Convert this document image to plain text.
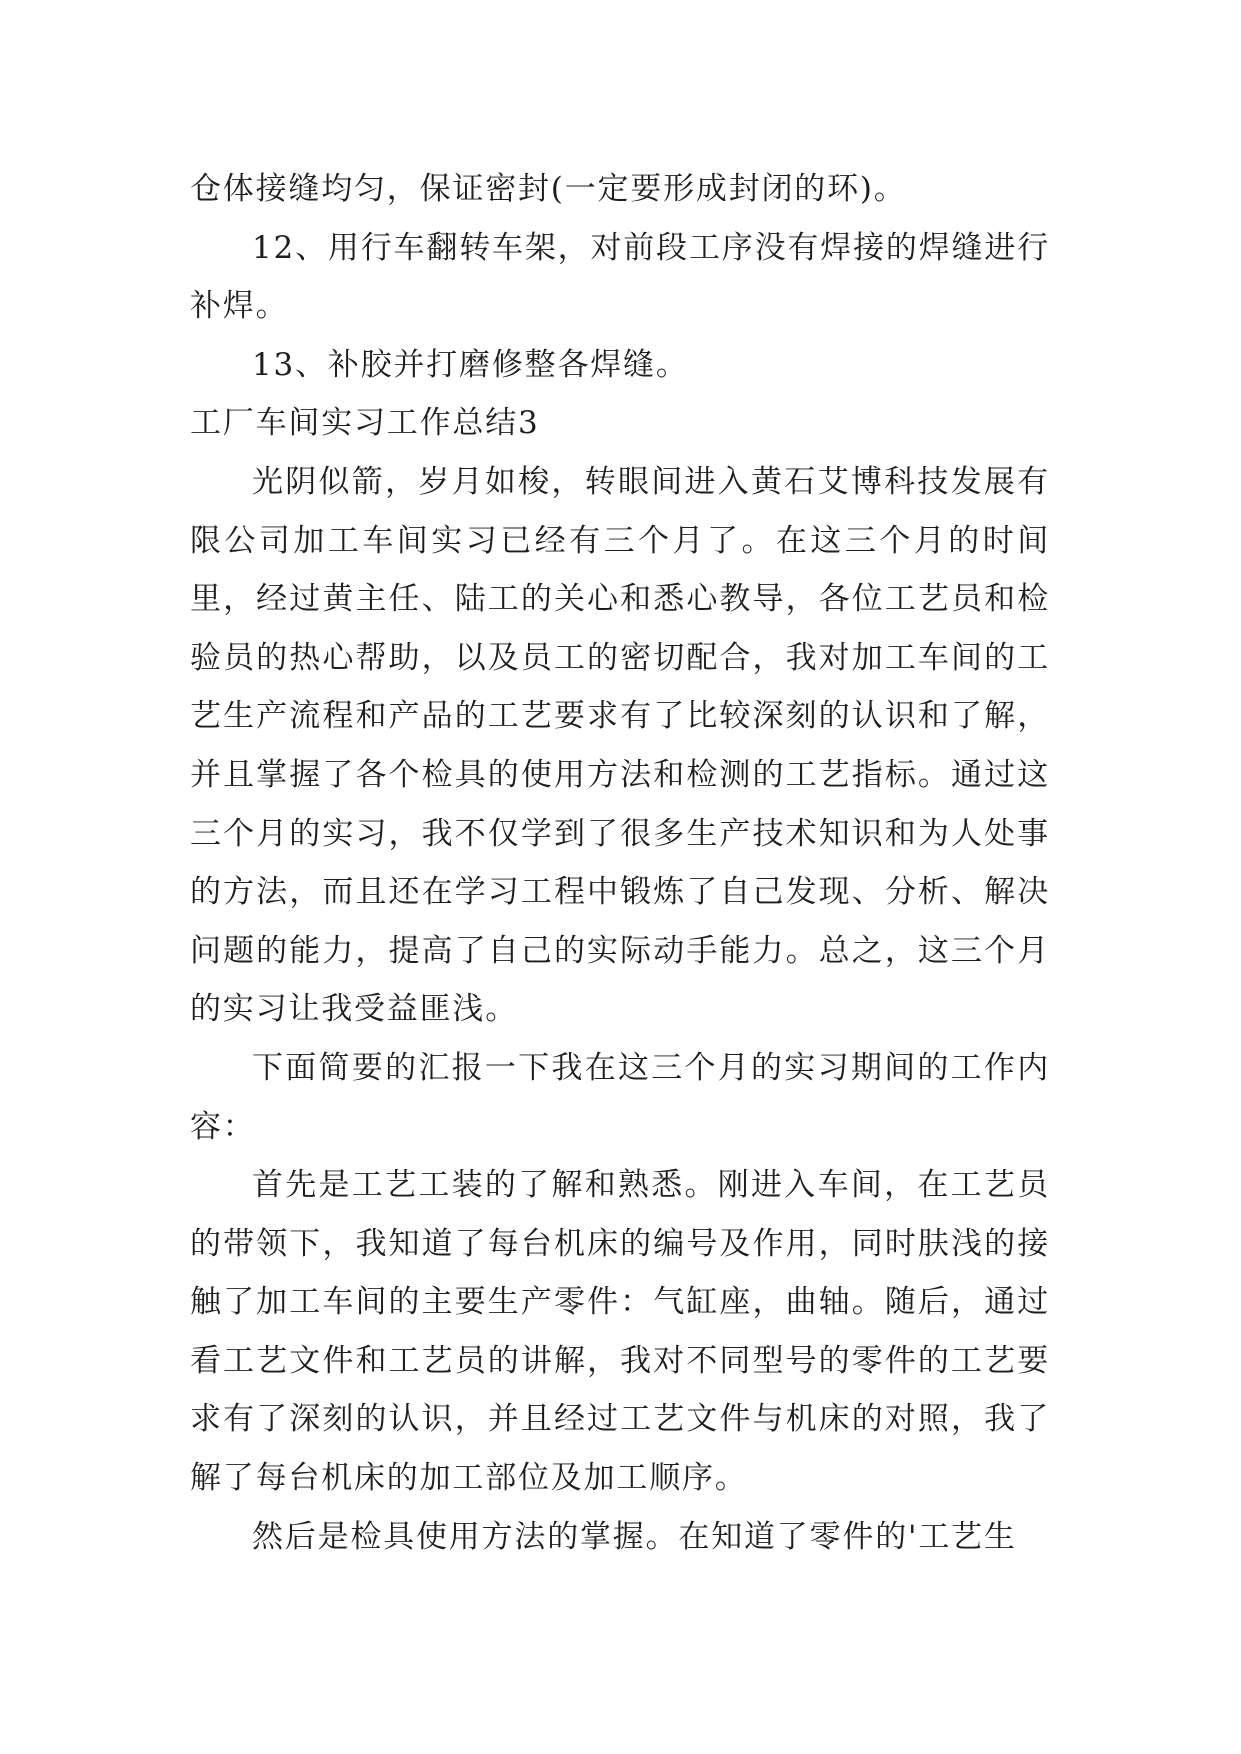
仓体接缝均匀，保证密封(一定要形成封闭的环)。

12、用行车翻转车架，对前段工序没有焊接的焊缝进行补焊。

13、补胶并打磨修整各焊缝。

工厂车间实习工作总结3

光阴似箭，岁月如梭，转眼间进入黄石艾博科技发展有限公司加工车间实习已经有三个月了。在这三个月的时间里，经过黄主任、陆工的关心和悉心教导，各位工艺员和检验员的热心帮助，以及员工的密切配合，我对加工车间的工艺生产流程和产品的工艺要求有了比较深刻的认识和了解，并且掌握了各个检具的使用方法和检测的工艺指标。通过这三个月的实习，我不仅学到了很多生产技术知识和为人处事的方法，而且还在学习工程中锻炼了自己发现、分析、解决问题的能力，提高了自己的实际动手能力。总之，这三个月的实习让我受益匪浅。

下面简要的汇报一下我在这三个月的实习期间的工作内容：

首先是工艺工装的了解和熟悉。刚进入车间，在工艺员的带领下，我知道了每台机床的编号及作用，同时肤浅的接触了加工车间的主要生产零件：气缸座，曲轴。随后，通过看工艺文件和工艺员的讲解，我对不同型号的零件的工艺要求有了深刻的认识，并且经过工艺文件与机床的对照，我了解了每台机床的加工部位及加工顺序。

然后是检具使用方法的掌握。在知道了零件的'工艺生
